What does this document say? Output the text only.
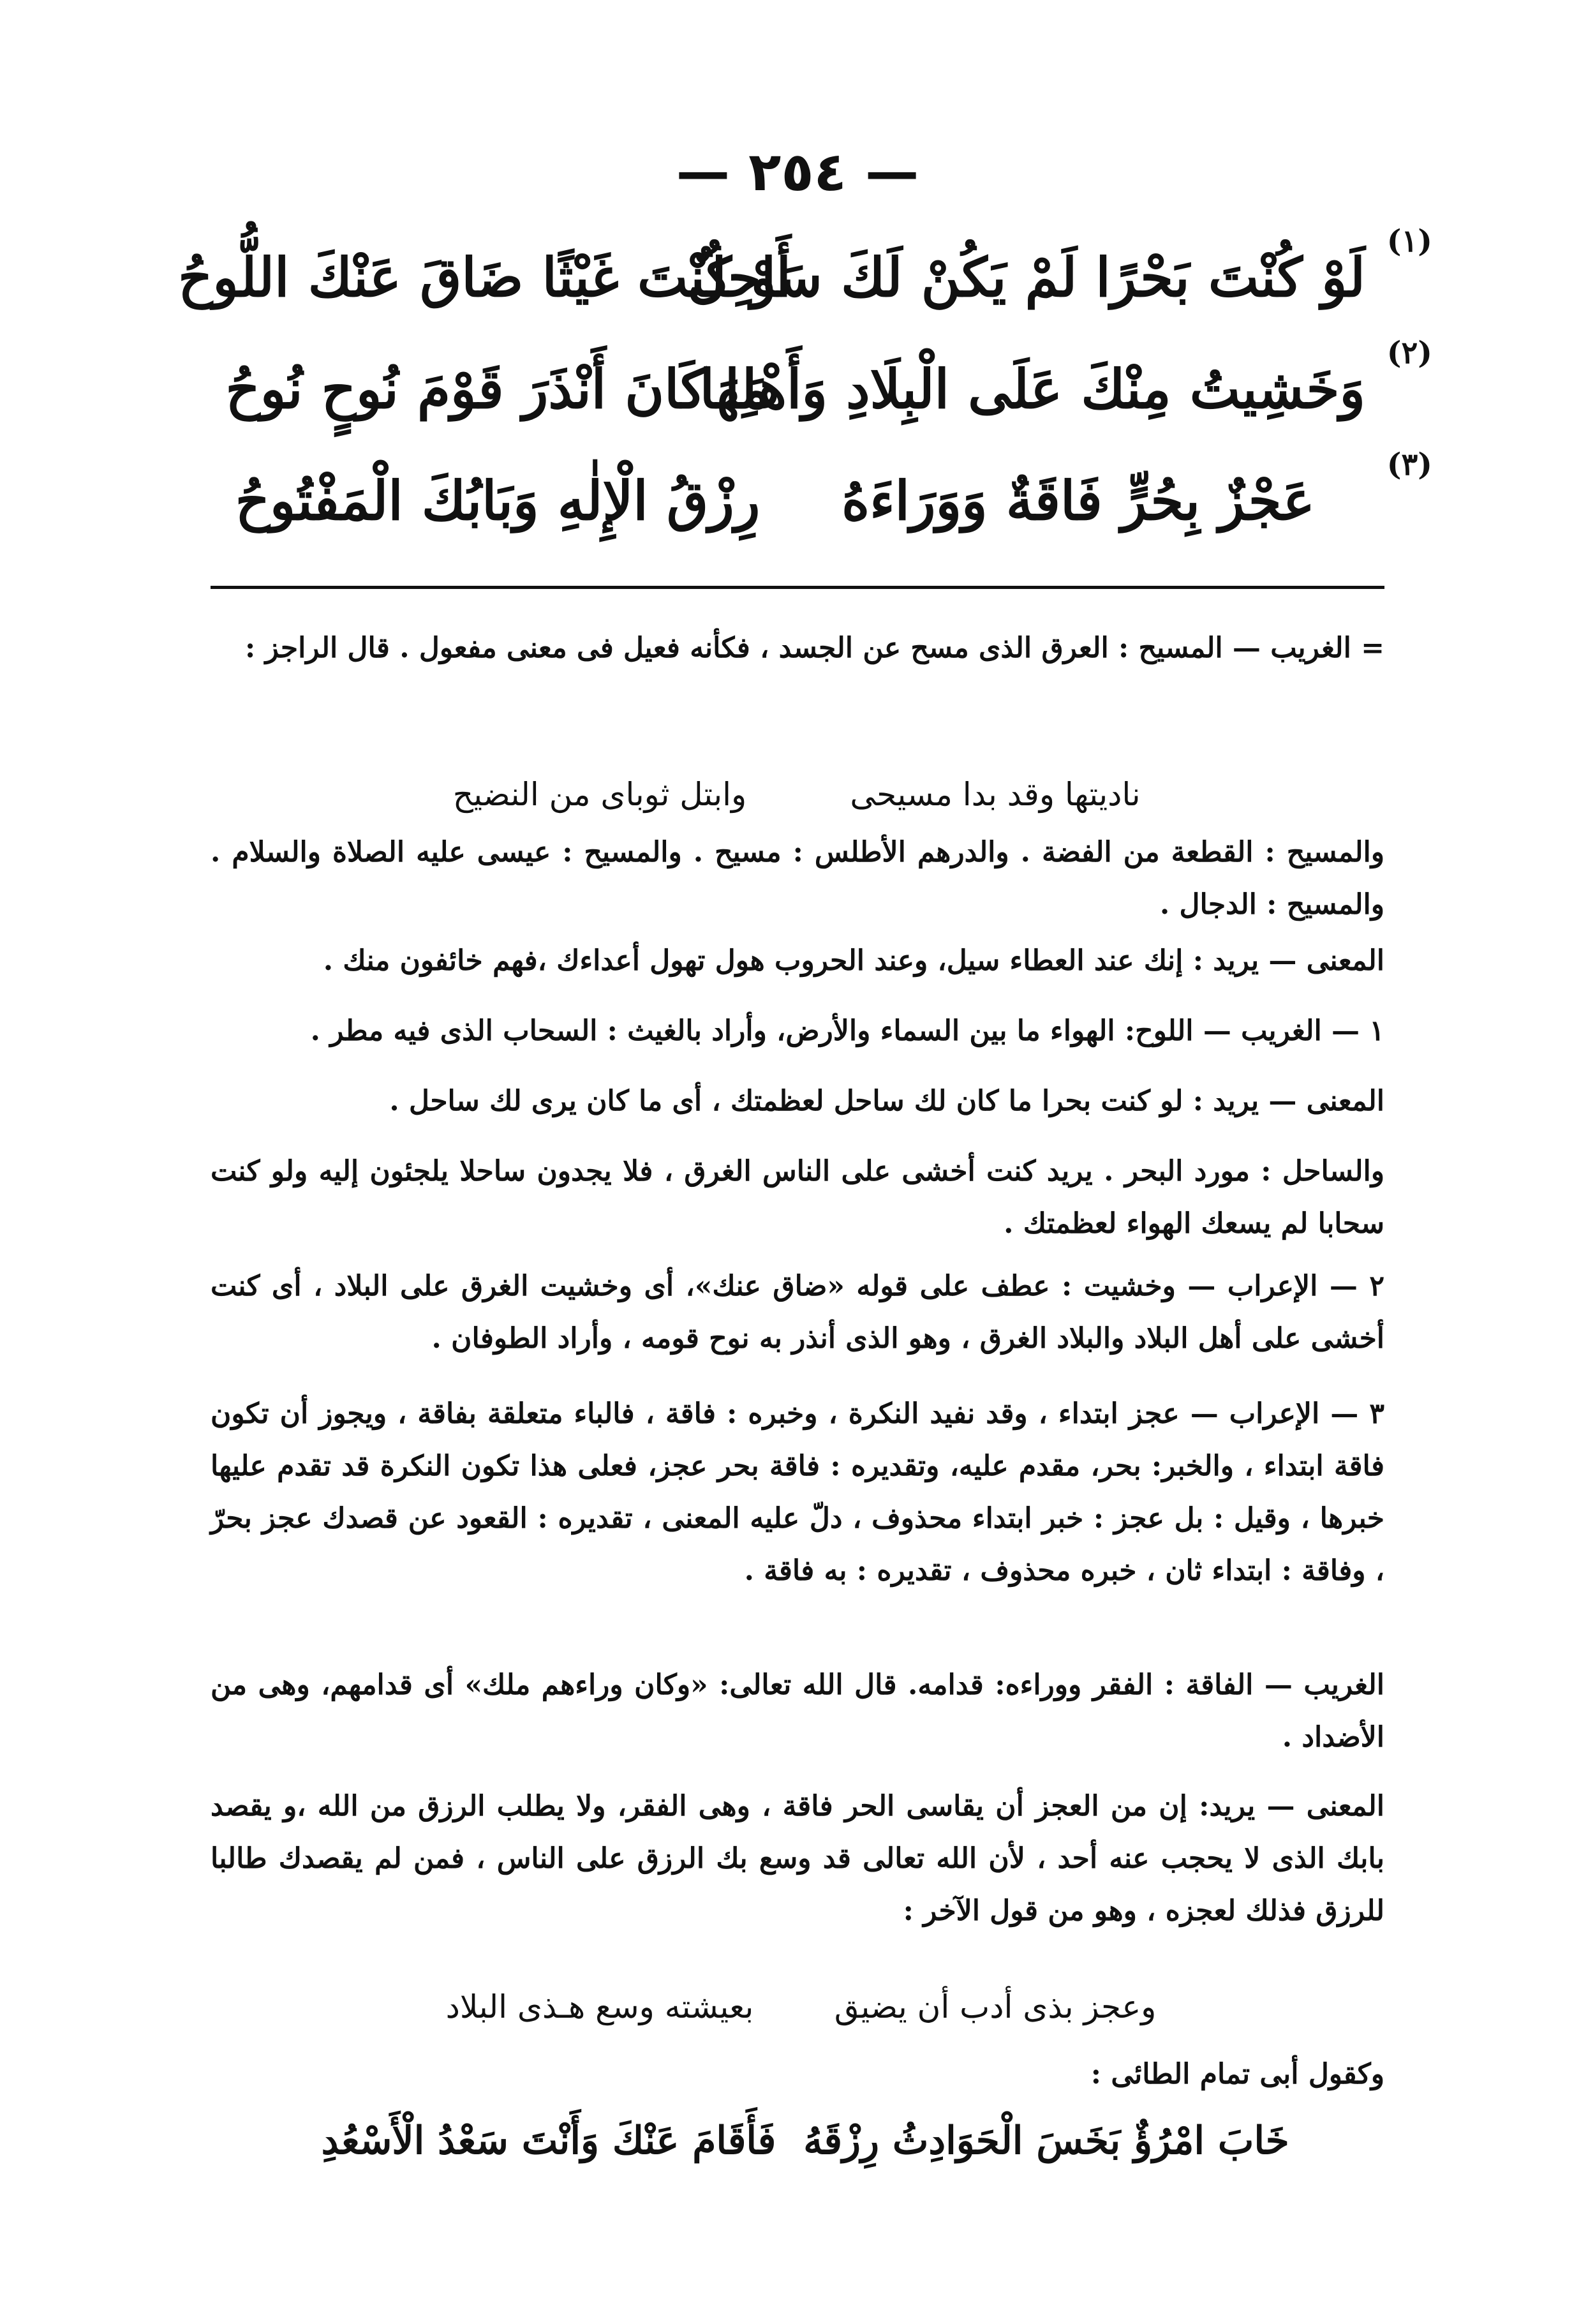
— ٢٥٤ —
لَوْ كُنْتَ بَحْرًا لَمْ يَكُنْ لَكَ سَاحِلٌ
أَوْ كُنْتَ غَيْثًا ضَاقَ عَنْكَ اللُّوحُ
(١)
وَخَشِيتُ مِنْكَ عَلَى الْبِلَادِ وَأَهْلِهَا
مَا كَانَ أَنْذَرَ قَوْمَ نُوحٍ نُوحُ
(٢)
عَجْزٌ بِحُرٍّ فَاقَةٌ وَوَرَاءَهُ
رِزْقُ الْإِلٰهِ وَبَابُكَ الْمَفْتُوحُ
(٣)
= الغريب — المسيح : العرق الذى مسح عن الجسد ، فكأنه فعيل فى معنى مفعول . قال الراجز :
ناديتها وقد بدا مسيحى
وابتل ثوباى من النضيح
والمسيح : القطعة من الفضة . والدرهم الأطلس : مسيح . والمسيح : عيسى عليه الصلاة والسلام . والمسيح : الدجال .
المعنى — يريد : إنك عند العطاء سيل، وعند الحروب هول تهول أعداءك ،فهم خائفون منك .
١ — الغريب — اللوح: الهواء ما بين السماء والأرض، وأراد بالغيث : السحاب الذى فيه مطر .
المعنى — يريد : لو كنت بحرا ما كان لك ساحل لعظمتك ، أى ما كان يرى لك ساحل .
والساحل : مورد البحر . يريد كنت أخشى على الناس الغرق ، فلا يجدون ساحلا يلجئون إليه ولو كنت سحابا لم يسعك الهواء لعظمتك .
٢ — الإعراب — وخشيت : عطف على قوله «ضاق عنك»، أى وخشيت الغرق على البلاد ، أى كنت أخشى على أهل البلاد والبلاد الغرق ، وهو الذى أنذر به نوح قومه ، وأراد الطوفان .
٣ — الإعراب — عجز ابتداء ، وقد نفيد النكرة ، وخبره : فاقة ، فالباء متعلقة بفاقة ، ويجوز أن تكون فاقة ابتداء ، والخبر: بحر، مقدم عليه، وتقديره : فاقة بحر عجز، فعلى هذا تكون النكرة قد تقدم عليها خبرها ، وقيل : بل عجز : خبر ابتداء محذوف ، دلّ عليه المعنى ، تقديره : القعود عن قصدك عجز بحرّ ، وفاقة : ابتداء ثان ، خبره محذوف ، تقديره : به فاقة .
الغريب — الفاقة : الفقر ووراءه: قدامه. قال الله تعالى: «وكان وراءهم ملك» أى قدامهم، وهى من الأضداد .
المعنى — يريد: إن من العجز أن يقاسى الحر فاقة ، وهى الفقر، ولا يطلب الرزق من الله ،و يقصد بابك الذى لا يحجب عنه أحد ، لأن الله تعالى قد وسع بك الرزق على الناس ، فمن لم يقصدك طالبا للرزق فذلك لعجزه ، وهو من قول الآخر :
وعجز بذى أدب أن يضيق
بعيشته وسع هـذى البلاد
وكقول أبى تمام الطائى :
خَابَ امْرُؤٌ بَخَسَ الْحَوَادِثُ رِزْقَهُ
فَأَقَامَ عَنْكَ وَأَنْتَ سَعْدُ الْأَسْعُدِ
